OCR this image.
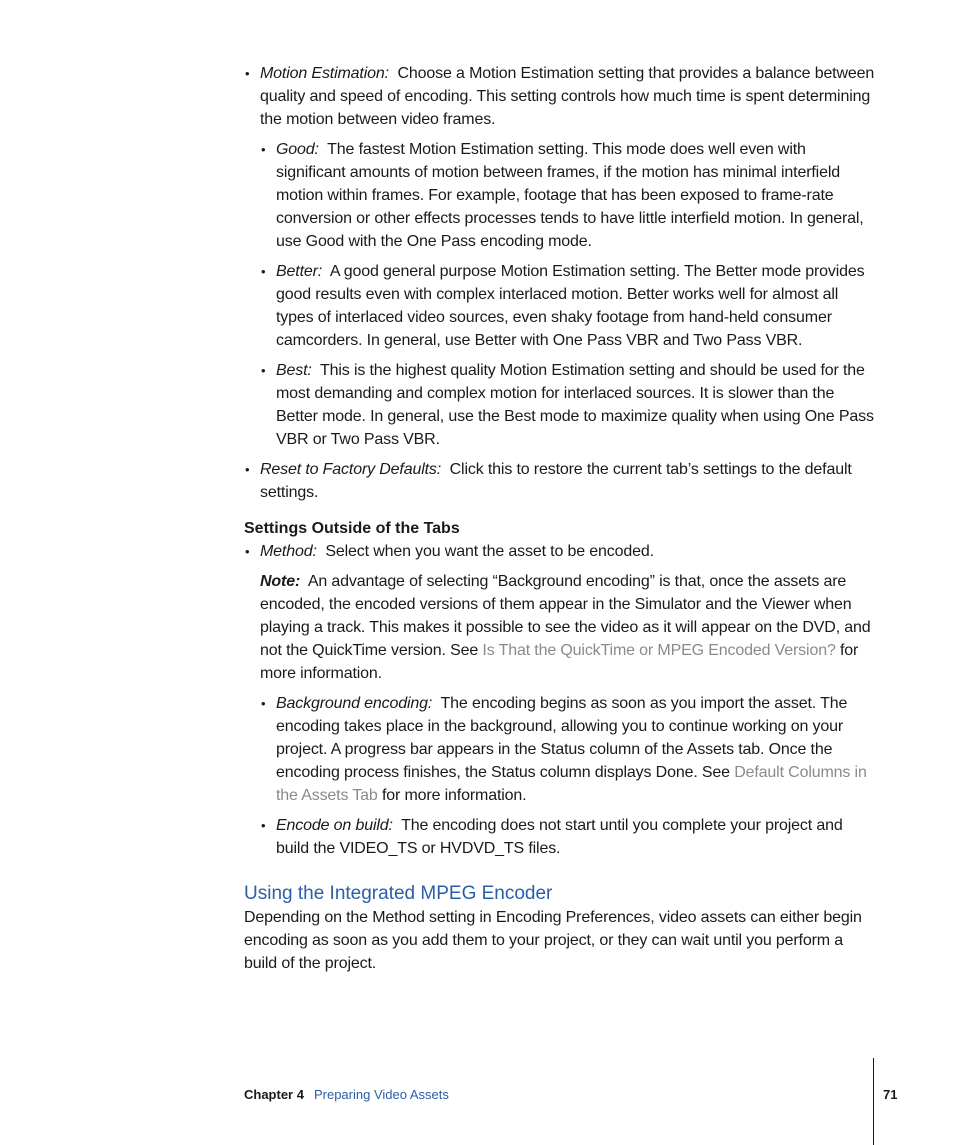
• Motion Estimation: Choose a Motion Estimation setting that provides a balance between quality and speed of encoding. This setting controls how much time is spent determining the motion between video frames.

• Good: The fastest Motion Estimation setting. This mode does well even with significant amounts of motion between frames, if the motion has minimal interfield motion within frames. For example, footage that has been exposed to frame-rate conversion or other effects processes tends to have little interfield motion. In general, use Good with the One Pass encoding mode.

• Better: A good general purpose Motion Estimation setting. The Better mode provides good results even with complex interlaced motion. Better works well for almost all types of interlaced video sources, even shaky footage from hand-held consumer camcorders. In general, use Better with One Pass VBR and Two Pass VBR.

• Best: This is the highest quality Motion Estimation setting and should be used for the most demanding and complex motion for interlaced sources. It is slower than the Better mode. In general, use the Best mode to maximize quality when using One Pass VBR or Two Pass VBR.

• Reset to Factory Defaults: Click this to restore the current tab’s settings to the default settings.

Settings Outside of the Tabs

• Method: Select when you want the asset to be encoded.

Note: An advantage of selecting “Background encoding” is that, once the assets are encoded, the encoded versions of them appear in the Simulator and the Viewer when playing a track. This makes it possible to see the video as it will appear on the DVD, and not the QuickTime version. See Is That the QuickTime or MPEG Encoded Version? for more information.

• Background encoding: The encoding begins as soon as you import the asset. The encoding takes place in the background, allowing you to continue working on your project. A progress bar appears in the Status column of the Assets tab. Once the encoding process finishes, the Status column displays Done. See Default Columns in the Assets Tab for more information.

• Encode on build: The encoding does not start until you complete your project and build the VIDEO_TS or HVDVD_TS files.

Using the Integrated MPEG Encoder

Depending on the Method setting in Encoding Preferences, video assets can either begin encoding as soon as you add them to your project, or they can wait until you perform a build of the project.

Chapter 4 Preparing Video Assets	71
